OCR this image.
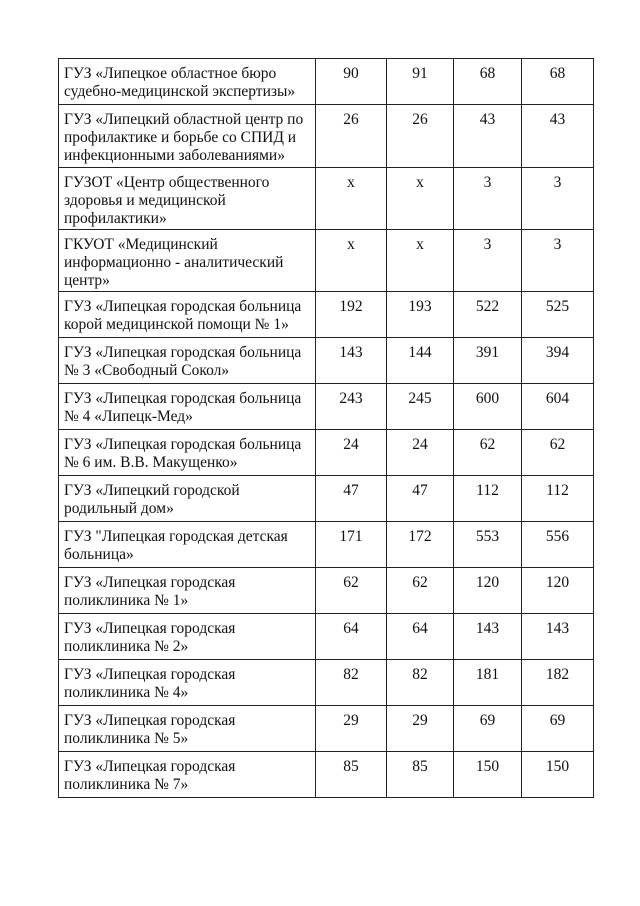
ГУЗ «Липецкое областное бюро судебно-медицинской экспертизы»	90	91	68	68
ГУЗ «Липецкий областной центр по профилактике и борьбе со СПИД и инфекционными заболеваниями»	26	26	43	43
ГУЗОТ «Центр общественного здоровья и медицинской профилактики»	х	х	3	3
ГКУОТ «Медицинский информационно - аналитический центр»	х	х	3	3
ГУЗ «Липецкая городская больница корой медицинской помощи № 1»	192	193	522	525
ГУЗ «Липецкая городская больница № 3 «Свободный Сокол»	143	144	391	394
ГУЗ «Липецкая городская больница № 4 «Липецк-Мед»	243	245	600	604
ГУЗ «Липецкая городская больница № 6 им. В.В. Макущенко»	24	24	62	62
ГУЗ «Липецкий городской родильный дом»	47	47	112	112
ГУЗ "Липецкая городская детская больница»	171	172	553	556
ГУЗ «Липецкая городская поликлиника № 1»	62	62	120	120
ГУЗ «Липецкая городская поликлиника № 2»	64	64	143	143
ГУЗ «Липецкая городская поликлиника № 4»	82	82	181	182
ГУЗ «Липецкая городская поликлиника № 5»	29	29	69	69
ГУЗ «Липецкая городская поликлиника № 7»	85	85	150	150
